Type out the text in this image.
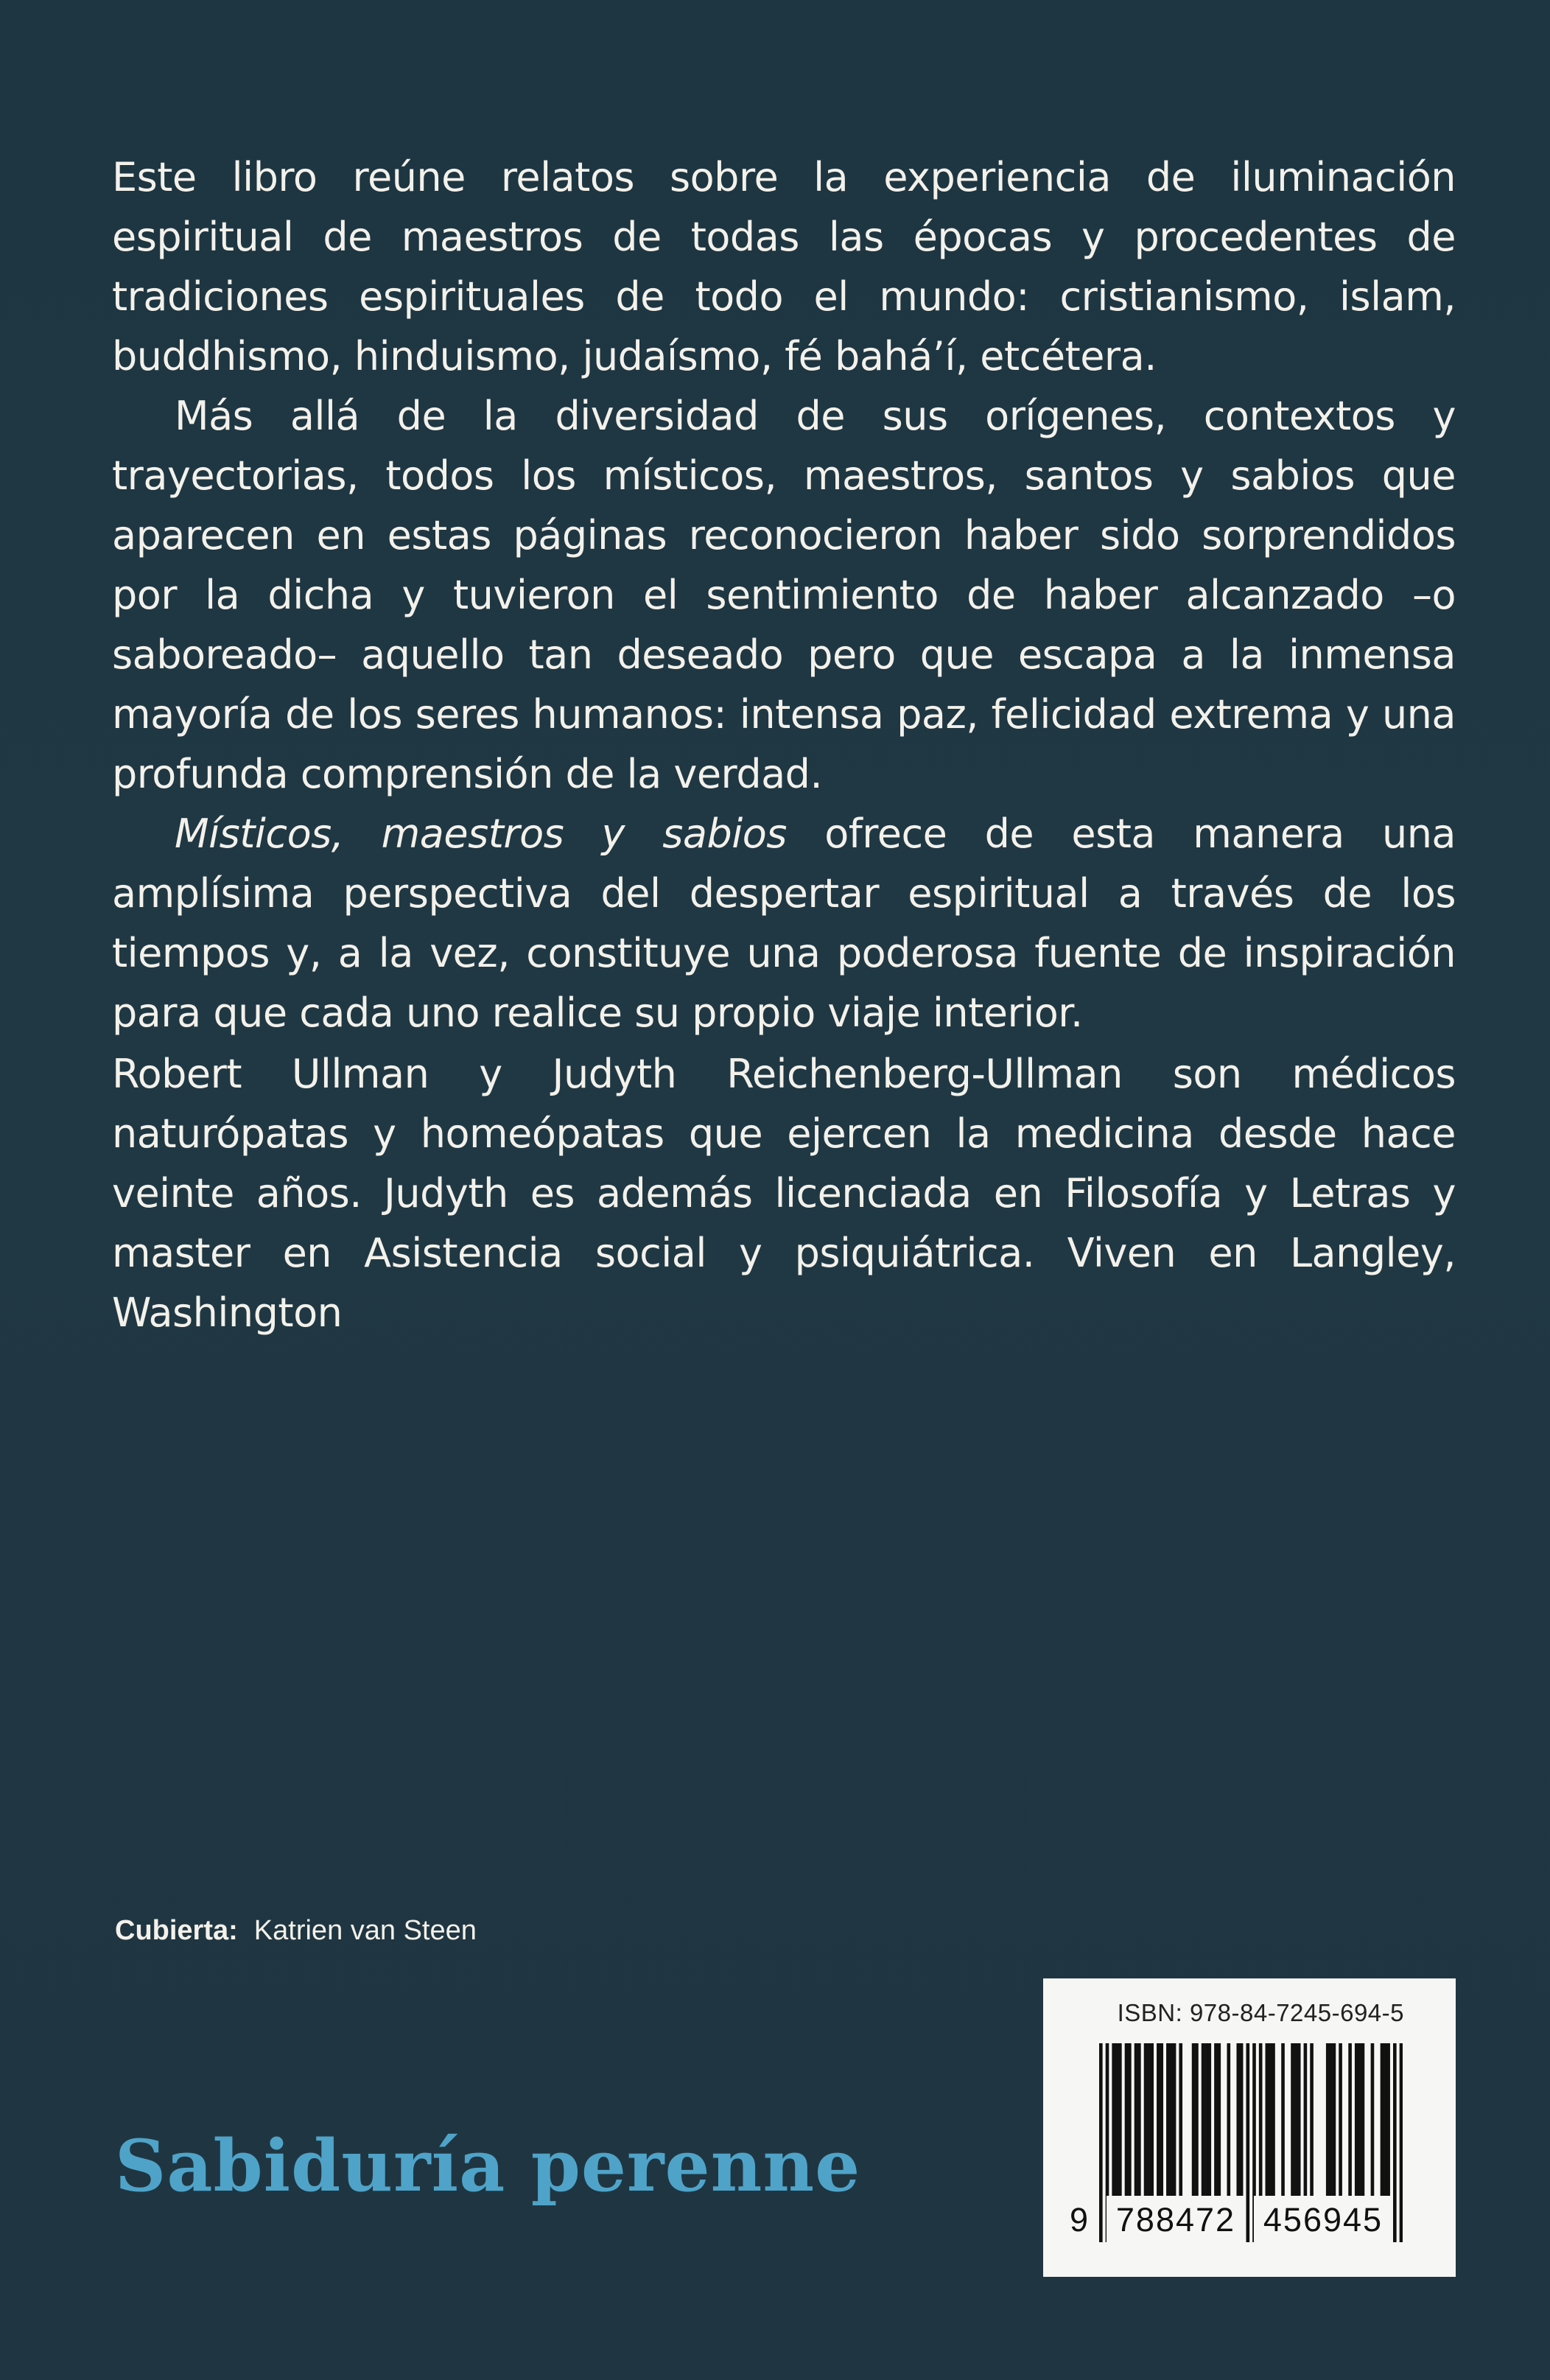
Este libro reúne relatos sobre la experiencia de iluminación espiritual de maestros de todas las épocas y procedentes de tradiciones espirituales de todo el mundo: cristianismo, islam, buddhismo, hinduismo, judaísmo, fé bahá’í, etcétera.

Más allá de la diversidad de sus orígenes, contextos y trayectorias, todos los místicos, maestros, santos y sabios que aparecen en estas páginas reconocieron haber sido sorprendidos por la dicha y tuvieron el sentimiento de haber alcanzado –o saboreado– aquello tan deseado pero que escapa a la inmensa mayoría de los seres humanos: intensa paz, felicidad extrema y una profunda comprensión de la verdad.

Místicos, maestros y sabios ofrece de esta manera una amplísima perspectiva del despertar espiritual a través de los tiempos y, a la vez, constituye una poderosa fuente de inspiración para que cada uno realice su propio viaje interior.

Robert Ullman y Judyth Reichenberg-Ullman son médicos naturópatas y homeópatas que ejercen la medicina desde hace veinte años. Judyth es además licenciada en Filosofía y Letras y master en Asistencia social y psiquiátrica. Viven en Langley, Washington

Cubierta: Katrien van Steen
Sabiduría perenne
ISBN: 978-84-7245-694-5
9 788472 456945
